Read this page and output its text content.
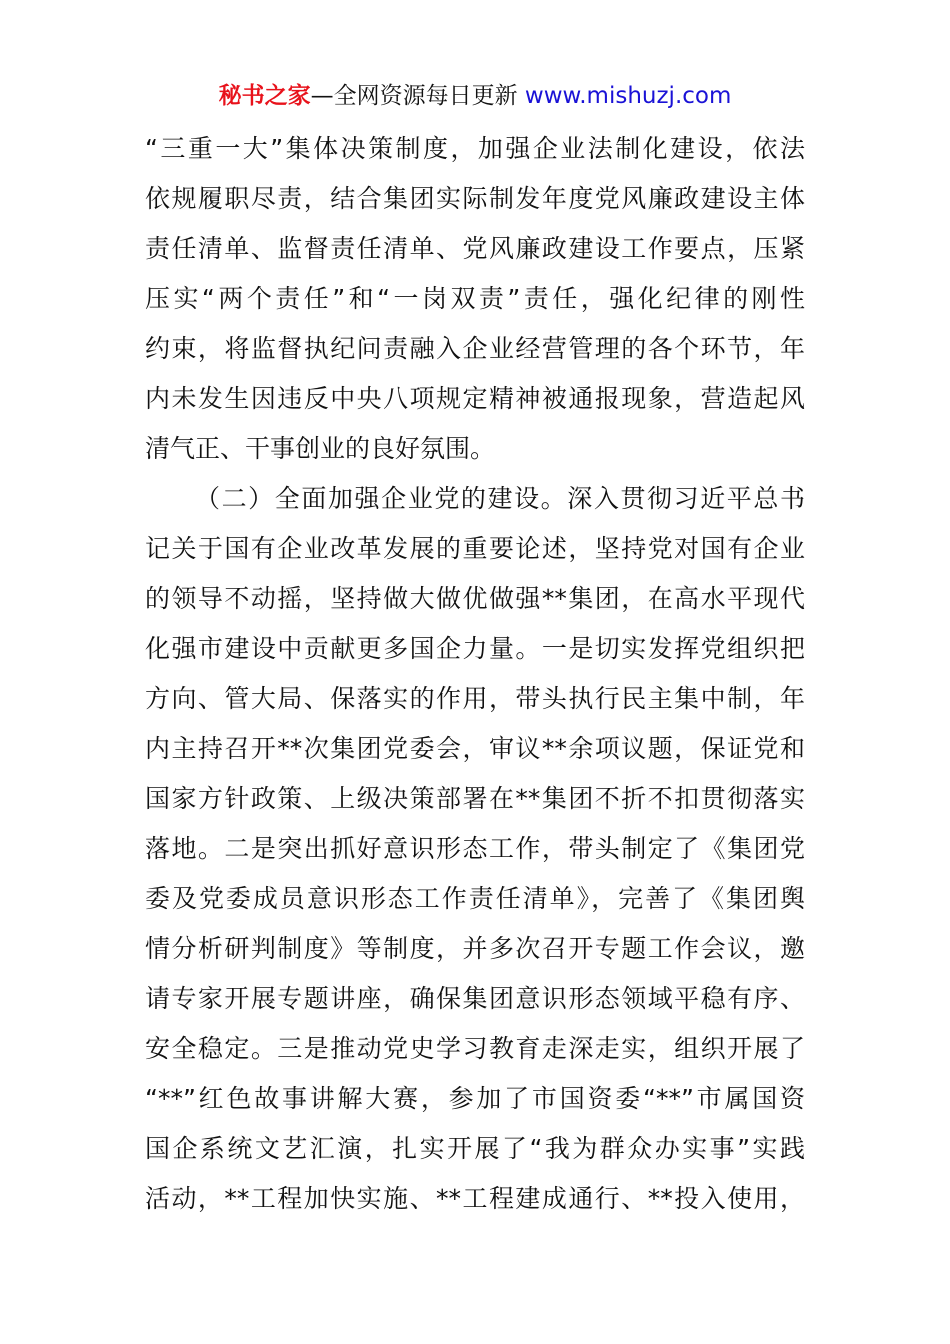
秘书之家—全网资源每日更新 www.mishuzj.com
“三重一大”集体决策制度，加强企业法制化建设，依法
依规履职尽责，结合集团实际制发年度党风廉政建设主体
责任清单、监督责任清单、党风廉政建设工作要点，压紧
压实“两个责任”和“一岗双责”责任，强化纪律的刚性
约束，将监督执纪问责融入企业经营管理的各个环节，年
内未发生因违反中央八项规定精神被通报现象，营造起风
清气正、干事创业的良好氛围。
（二）全面加强企业党的建设。深入贯彻习近平总书
记关于国有企业改革发展的重要论述，坚持党对国有企业
的领导不动摇，坚持做大做优做强**集团，在高水平现代
化强市建设中贡献更多国企力量。一是切实发挥党组织把
方向、管大局、保落实的作用，带头执行民主集中制，年
内主持召开**次集团党委会，审议**余项议题，保证党和
国家方针政策、上级决策部署在**集团不折不扣贯彻落实
落地。二是突出抓好意识形态工作，带头制定了《集团党
委及党委成员意识形态工作责任清单》，完善了《集团舆
情分析研判制度》等制度，并多次召开专题工作会议，邀
请专家开展专题讲座，确保集团意识形态领域平稳有序、
安全稳定。三是推动党史学习教育走深走实，组织开展了
“**”红色故事讲解大赛，参加了市国资委“**”市属国资
国企系统文艺汇演，扎实开展了“我为群众办实事”实践
活动，**工程加快实施、**工程建成通行、**投入使用，
